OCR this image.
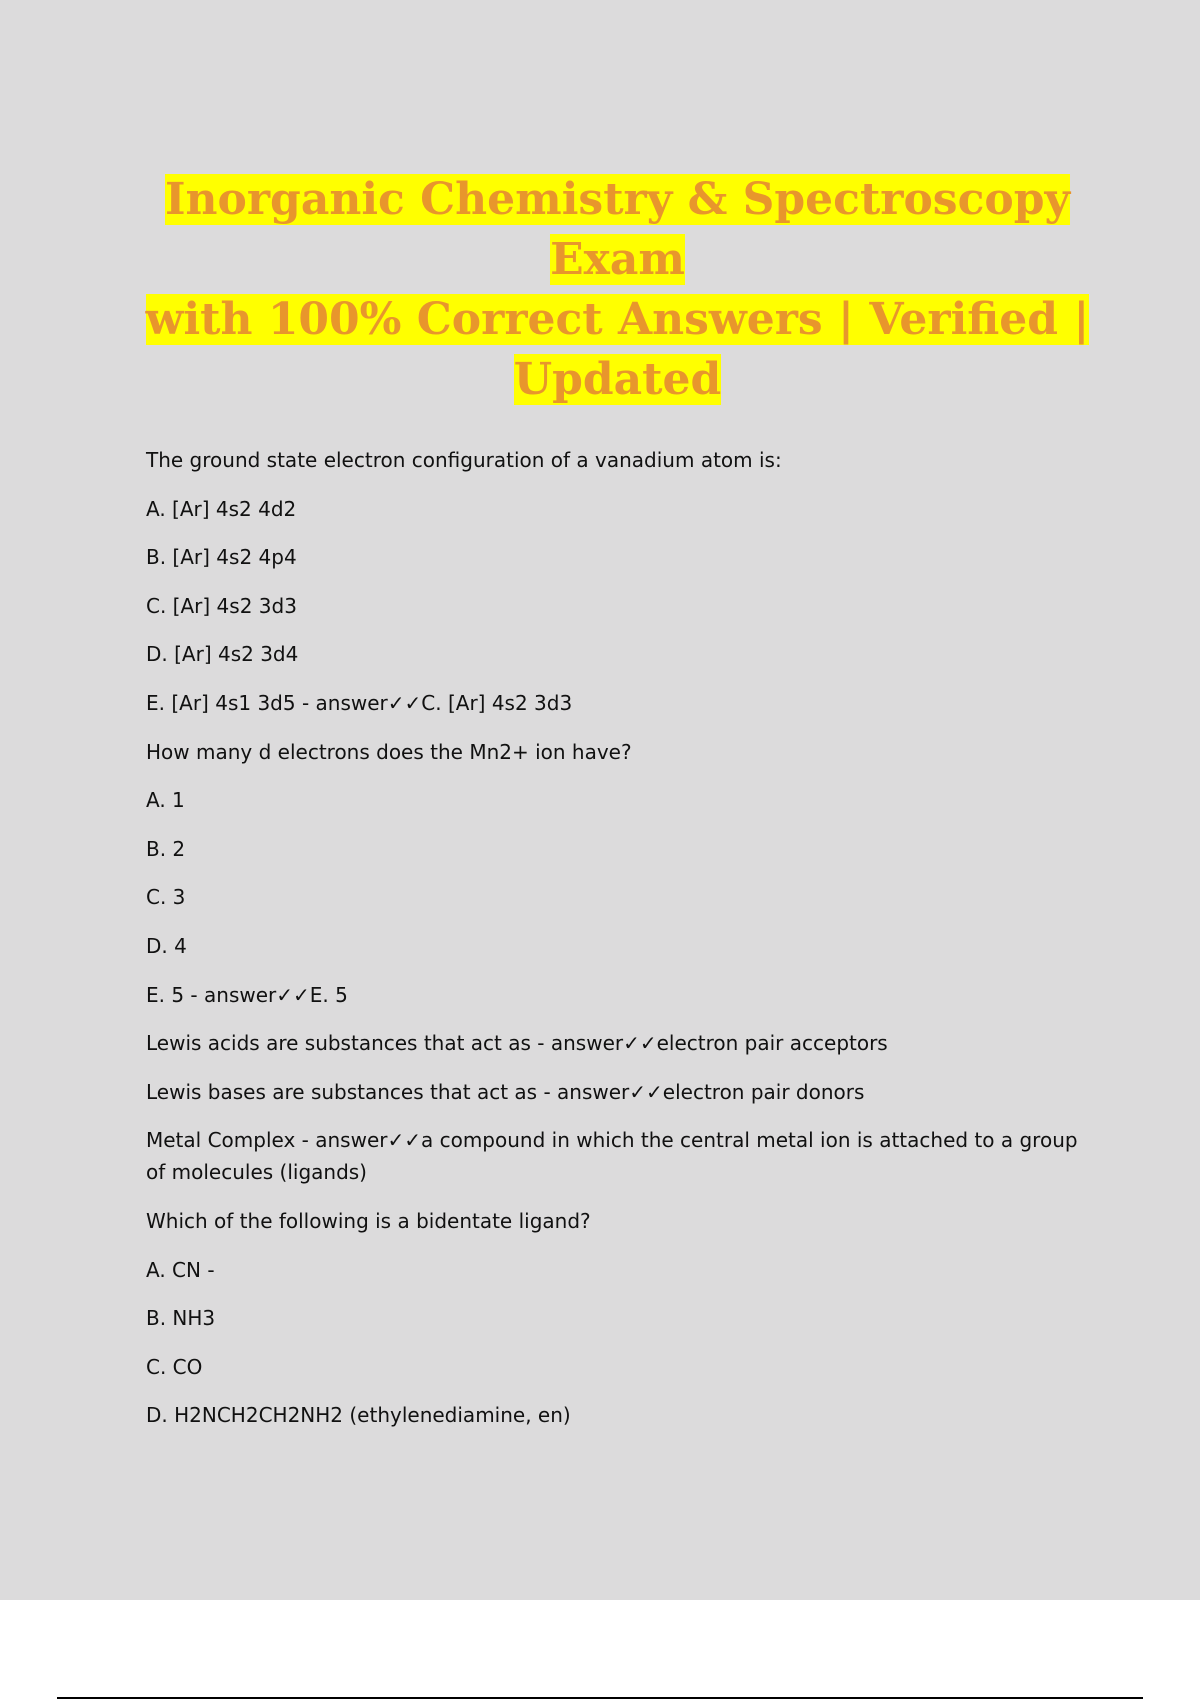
Inorganic Chemistry & Spectroscopy Exam
with 100% Correct Answers | Verified |
Updated

The ground state electron configuration of a vanadium atom is:

A. [Ar] 4s2 4d2

B. [Ar] 4s2 4p4

C. [Ar] 4s2 3d3

D. [Ar] 4s2 3d4

E. [Ar] 4s1 3d5 - answer✓✓C. [Ar] 4s2 3d3

How many d electrons does the Mn2+ ion have?

A. 1

B. 2

C. 3

D. 4

E. 5 - answer✓✓E. 5

Lewis acids are substances that act as - answer✓✓electron pair acceptors

Lewis bases are substances that act as - answer✓✓electron pair donors

Metal Complex - answer✓✓a compound in which the central metal ion is attached to a group of molecules (ligands)

Which of the following is a bidentate ligand?

A. CN -

B. NH3

C. CO

D. H2NCH2CH2NH2 (ethylenediamine, en)
